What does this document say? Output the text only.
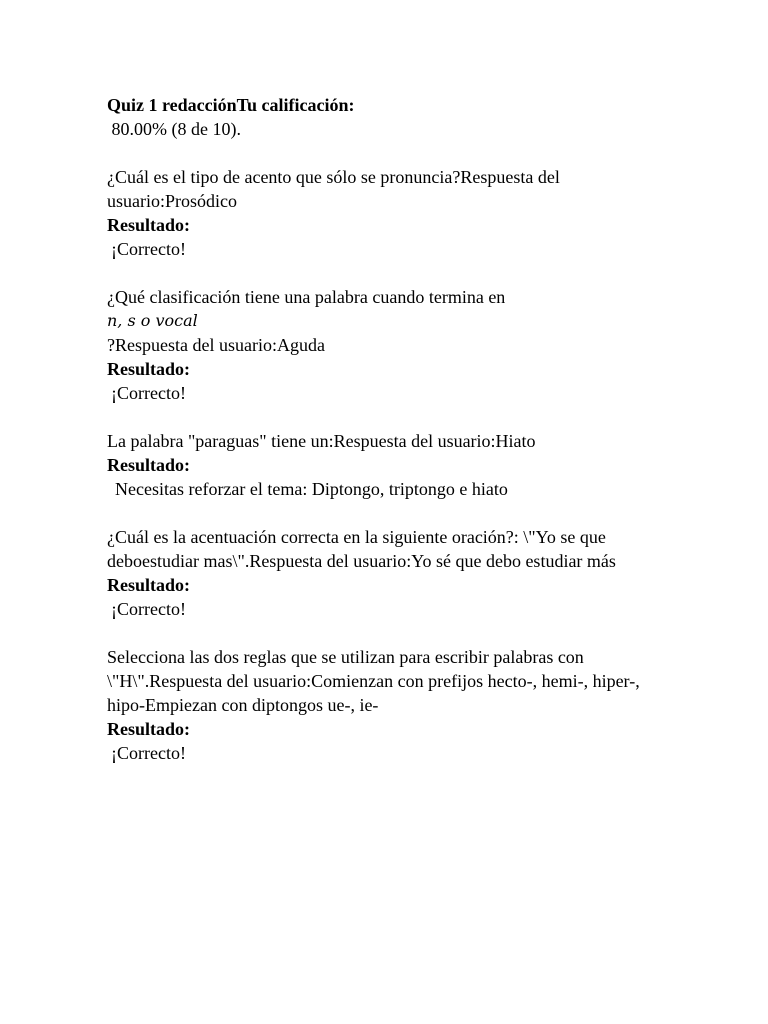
Quiz 1 redacciónTu calificación:
80.00% (8 de 10).
¿Cuál es el tipo de acento que sólo se pronuncia?Respuesta del usuario:Prosódico
Resultado:
¡Correcto!
¿Qué clasificación tiene una palabra cuando termina en
n, s o vocal
?Respuesta del usuario:Aguda
Resultado:
¡Correcto!
La palabra "paraguas" tiene un:Respuesta del usuario:Hiato
Resultado:
Necesitas reforzar el tema: Diptongo, triptongo e hiato
¿Cuál es la acentuación correcta en la siguiente oración?: \"Yo se que deboestudiar mas\".Respuesta del usuario:Yo sé que debo estudiar más
Resultado:
¡Correcto!
Selecciona las dos reglas que se utilizan para escribir palabras con \"H\".Respuesta del usuario:Comienzan con prefijos hecto-, hemi-, hiper-, hipo-Empiezan con diptongos ue-, ie-
Resultado:
¡Correcto!
